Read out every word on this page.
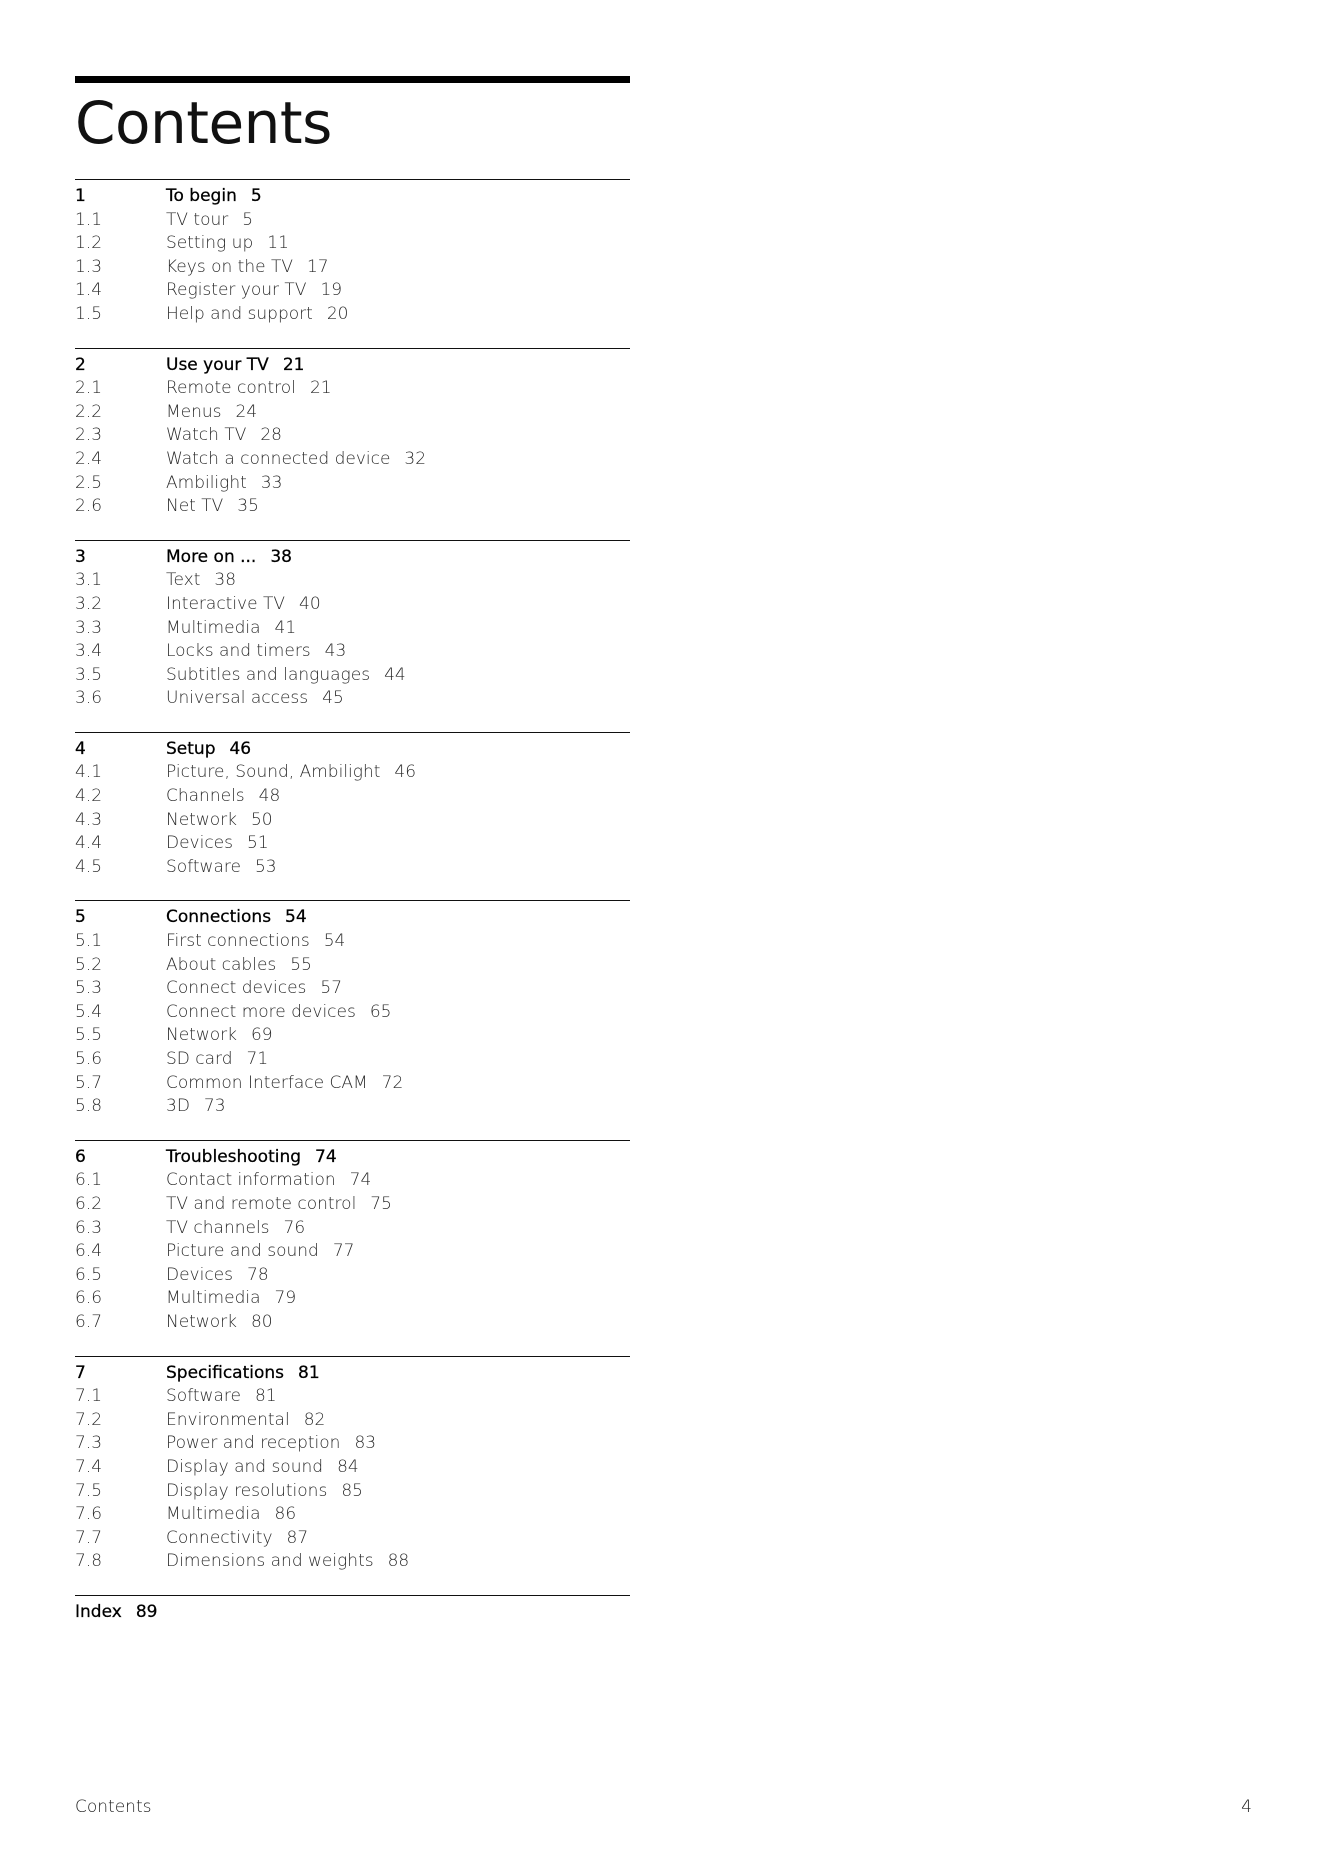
Contents
1	To begin 5
1.1	TV tour 5
1.2	Setting up 11
1.3	Keys on the TV 17
1.4	Register your TV 19
1.5	Help and support 20
2	Use your TV 21
2.1	Remote control 21
2.2	Menus 24
2.3	Watch TV 28
2.4	Watch a connected device 32
2.5	Ambilight 33
2.6	Net TV 35
3	More on ... 38
3.1	Text 38
3.2	Interactive TV 40
3.3	Multimedia 41
3.4	Locks and timers 43
3.5	Subtitles and languages 44
3.6	Universal access 45
4	Setup 46
4.1	Picture, Sound, Ambilight 46
4.2	Channels 48
4.3	Network 50
4.4	Devices 51
4.5	Software 53
5	Connections 54
5.1	First connections 54
5.2	About cables 55
5.3	Connect devices 57
5.4	Connect more devices 65
5.5	Network 69
5.6	SD card 71
5.7	Common Interface CAM 72
5.8	3D 73
6	Troubleshooting 74
6.1	Contact information 74
6.2	TV and remote control 75
6.3	TV channels 76
6.4	Picture and sound 77
6.5	Devices 78
6.6	Multimedia 79
6.7	Network 80
7	Specifications 81
7.1	Software 81
7.2	Environmental 82
7.3	Power and reception 83
7.4	Display and sound 84
7.5	Display resolutions 85
7.6	Multimedia 86
7.7	Connectivity 87
7.8	Dimensions and weights 88
Index 89
Contents	4
